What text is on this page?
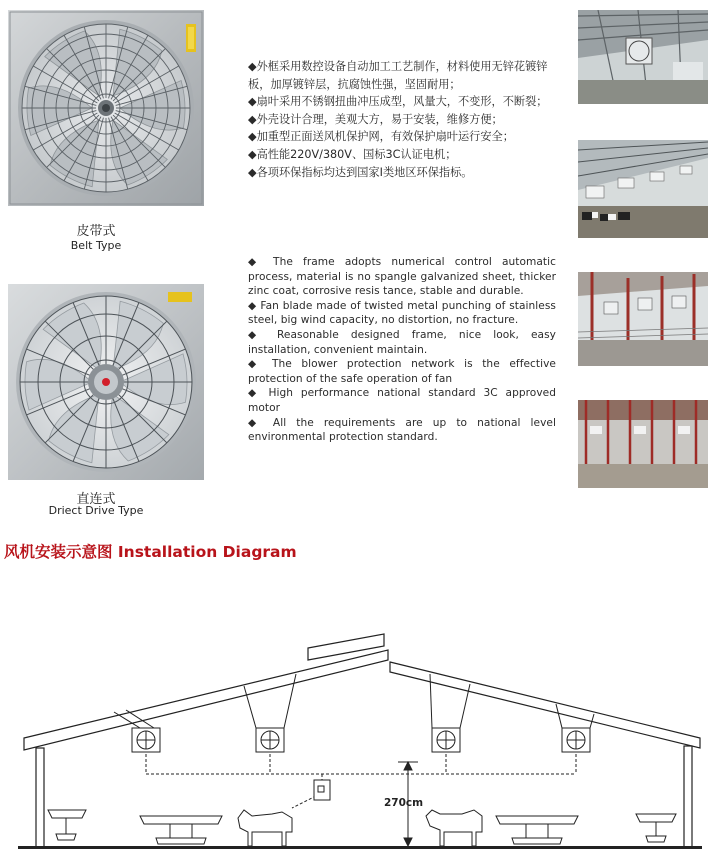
皮带式
Belt Type
直连式
Driect Drive Type

◆外框采用数控设备自动加工工艺制作，材料使用无锌花镀锌板，加厚镀锌层，抗腐蚀性强，坚固耐用；

◆扇叶采用不锈钢扭曲冲压成型，风量大，不变形，不断裂；

◆外壳设计合理，美观大方，易于安装，维修方便；

◆加重型正面送风机保护网，有效保护扇叶运行安全；

◆高性能220V/380V、国标3C认证电机；

◆各项环保指标均达到国家Ⅰ类地区环保指标。

◆ The frame adopts numerical control automatic process, material is no spangle galvanized sheet, thicker zinc coat, corrosive resis tance, stable and durable.

◆ Fan blade made of twisted metal punching of stainless steel, big wind capacity, no distortion, no fracture.

◆ Reasonable designed frame, nice look, easy installation, convenient maintain.

◆ The blower protection network is the effective protection of the safe operation of fan

◆ High performance national standard 3C approved motor

◆ All the requirements are up to national level environmental protection standard.

风机安装示意图 Installation Diagram
270cm
